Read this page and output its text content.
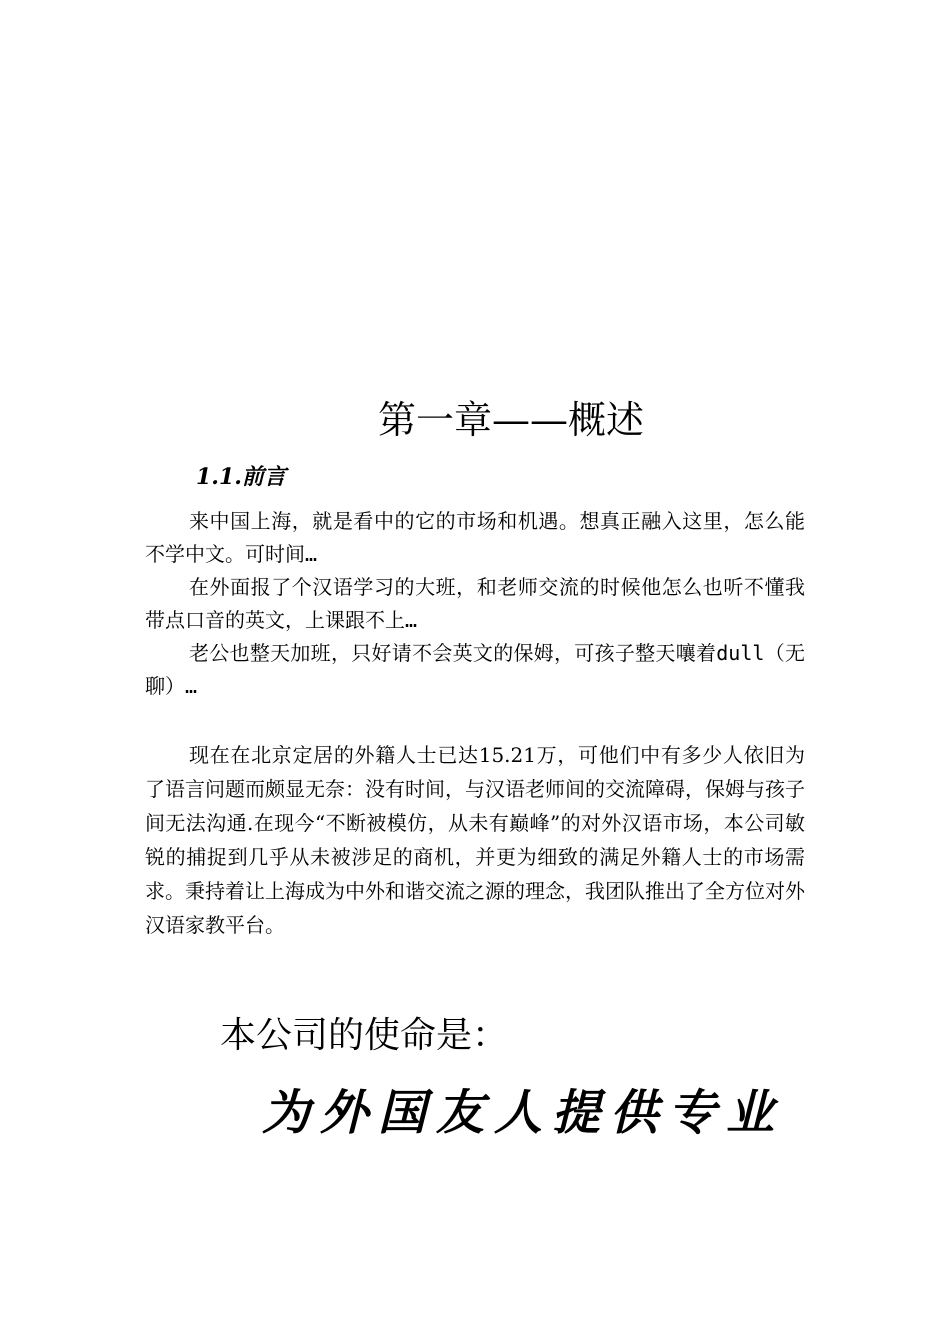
第一章——概述
1.1.前言

来中国上海，就是看中的它的市场和机遇。想真正融入这里，怎么能不学中文。可时间…

在外面报了个汉语学习的大班，和老师交流的时候他怎么也听不懂我带点口音的英文，上课跟不上…

老公也整天加班，只好请不会英文的保姆，可孩子整天嚷着dull（无聊）…

现在在北京定居的外籍人士已达15.21万，可他们中有多少人依旧为了语言问题而颇显无奈：没有时间，与汉语老师间的交流障碍，保姆与孩子间无法沟通.在现今“不断被模仿，从未有巅峰”的对外汉语市场，本公司敏锐的捕捉到几乎从未被涉足的商机，并更为细致的满足外籍人士的市场需求。秉持着让上海成为中外和谐交流之源的理念，我团队推出了全方位对外汉语家教平台。

本公司的使命是：
为外国友人提供专业
